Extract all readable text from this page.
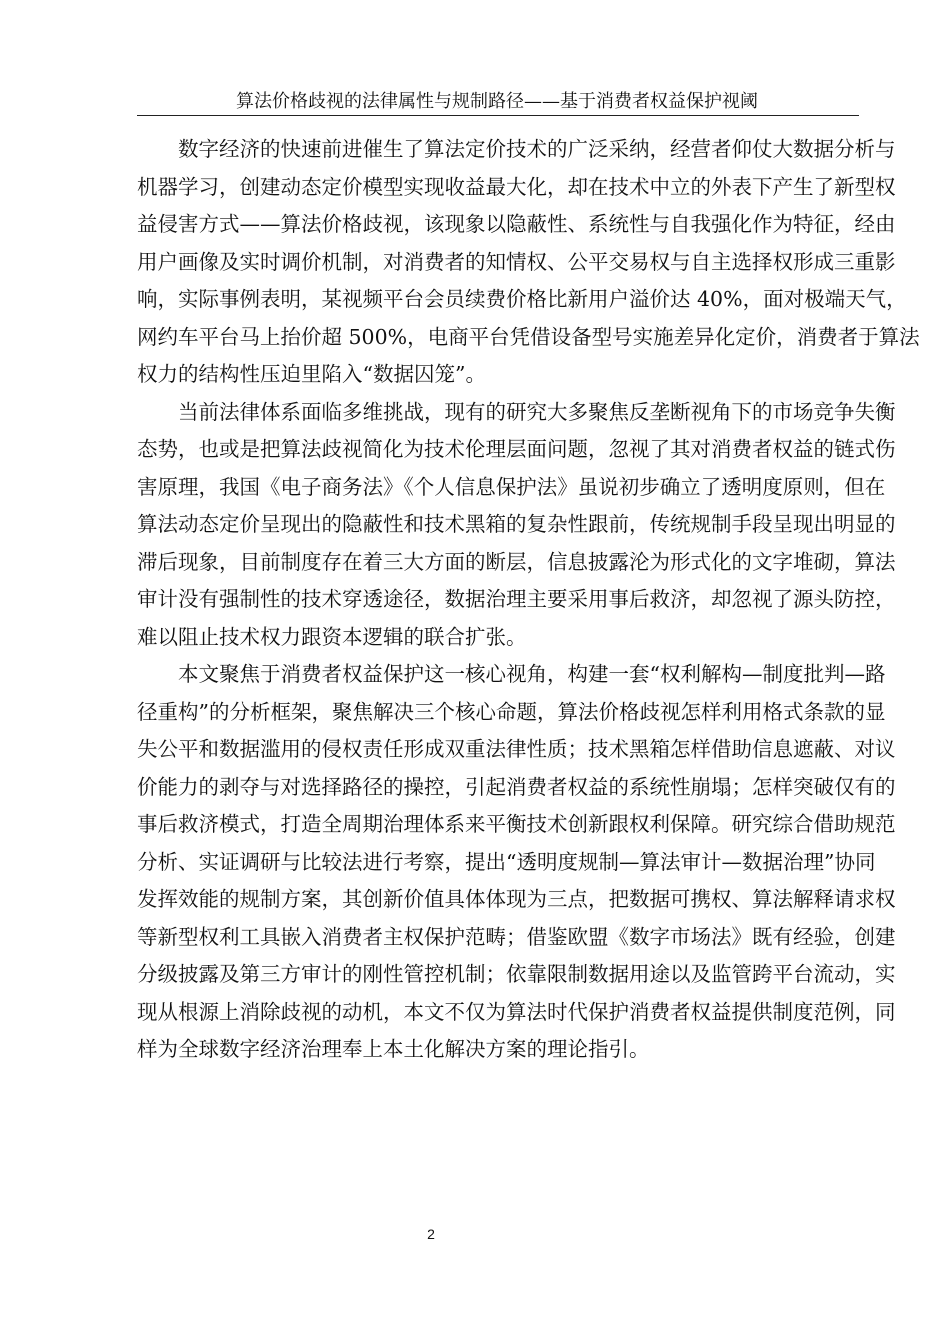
算法价格歧视的法律属性与规制路径——基于消费者权益保护视阈
数字经济的快速前进催生了算法定价技术的广泛采纳，经营者仰仗大数据分析与
机器学习，创建动态定价模型实现收益最大化，却在技术中立的外表下产生了新型权
益侵害方式——算法价格歧视，该现象以隐蔽性、系统性与自我强化作为特征，经由
用户画像及实时调价机制，对消费者的知情权、公平交易权与自主选择权形成三重影
响，实际事例表明，某视频平台会员续费价格比新用户溢价达 40%，面对极端天气，
网约车平台马上抬价超 500%，电商平台凭借设备型号实施差异化定价，消费者于算法
权力的结构性压迫里陷入“数据囚笼”。
当前法律体系面临多维挑战，现有的研究大多聚焦反垄断视角下的市场竞争失衡
态势，也或是把算法歧视简化为技术伦理层面问题，忽视了其对消费者权益的链式伤
害原理，我国《电子商务法》《个人信息保护法》虽说初步确立了透明度原则，但在
算法动态定价呈现出的隐蔽性和技术黑箱的复杂性跟前，传统规制手段呈现出明显的
滞后现象，目前制度存在着三大方面的断层，信息披露沦为形式化的文字堆砌，算法
审计没有强制性的技术穿透途径，数据治理主要采用事后救济，却忽视了源头防控，
难以阻止技术权力跟资本逻辑的联合扩张。
本文聚焦于消费者权益保护这一核心视角，构建一套“权利解构—制度批判—路
径重构”的分析框架，聚焦解决三个核心命题，算法价格歧视怎样利用格式条款的显
失公平和数据滥用的侵权责任形成双重法律性质；技术黑箱怎样借助信息遮蔽、对议
价能力的剥夺与对选择路径的操控，引起消费者权益的系统性崩塌；怎样突破仅有的
事后救济模式，打造全周期治理体系来平衡技术创新跟权利保障。研究综合借助规范
分析、实证调研与比较法进行考察，提出“透明度规制—算法审计—数据治理”协同
发挥效能的规制方案，其创新价值具体体现为三点，把数据可携权、算法解释请求权
等新型权利工具嵌入消费者主权保护范畴；借鉴欧盟《数字市场法》既有经验，创建
分级披露及第三方审计的刚性管控机制；依靠限制数据用途以及监管跨平台流动，实
现从根源上消除歧视的动机，本文不仅为算法时代保护消费者权益提供制度范例，同
样为全球数字经济治理奉上本土化解决方案的理论指引。
2
